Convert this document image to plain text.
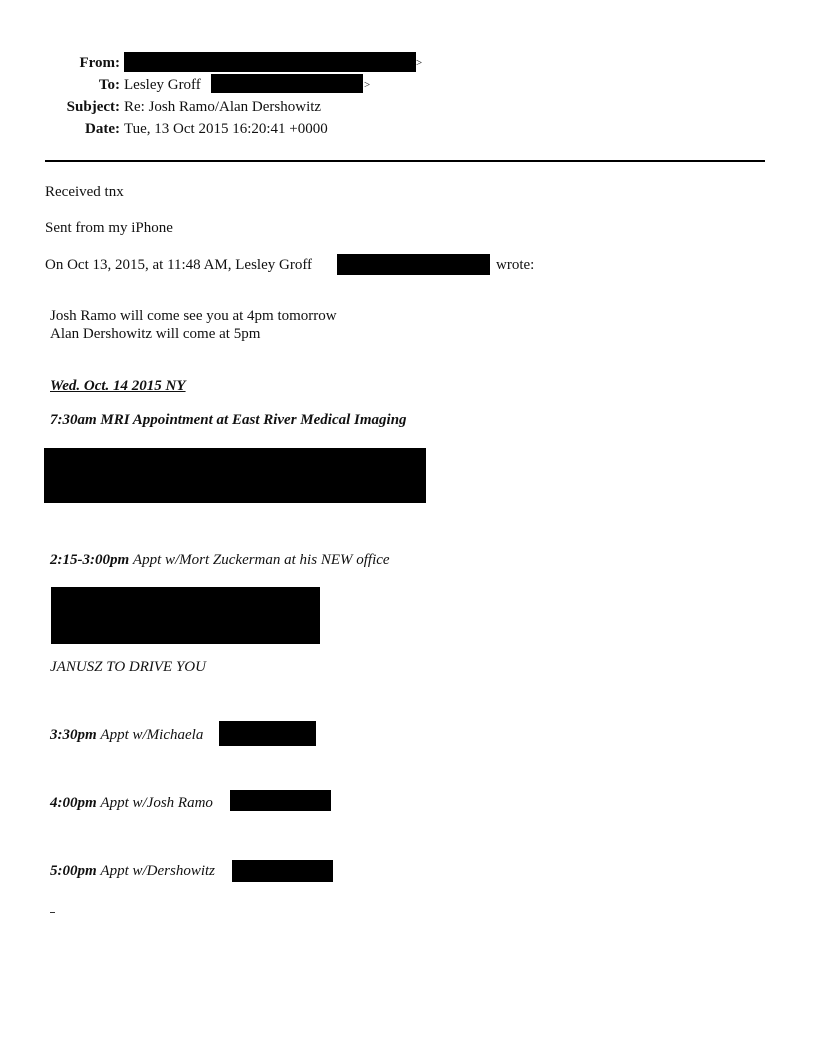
From:	>
To: Lesley Groff	>
Subject: Re: Josh Ramo/Alan Dershowitz
Date: Tue, 13 Oct 2015 16:20:41 +0000
Received tnx
Sent from my iPhone
On Oct 13, 2015, at 11:48 AM, Lesley Groff	wrote:
Josh Ramo will come see you at 4pm tomorrow
Alan Dershowitz will come at 5pm
Wed. Oct. 14 2015 NY
7:30am MRI Appointment at East River Medical Imaging
2:15-3:00pm Appt w/Mort Zuckerman at his NEW office
JANUSZ TO DRIVE YOU
3:30pm Appt w/Michaela
4:00pm Appt w/Josh Ramo
5:00pm Appt w/Dershowitz
